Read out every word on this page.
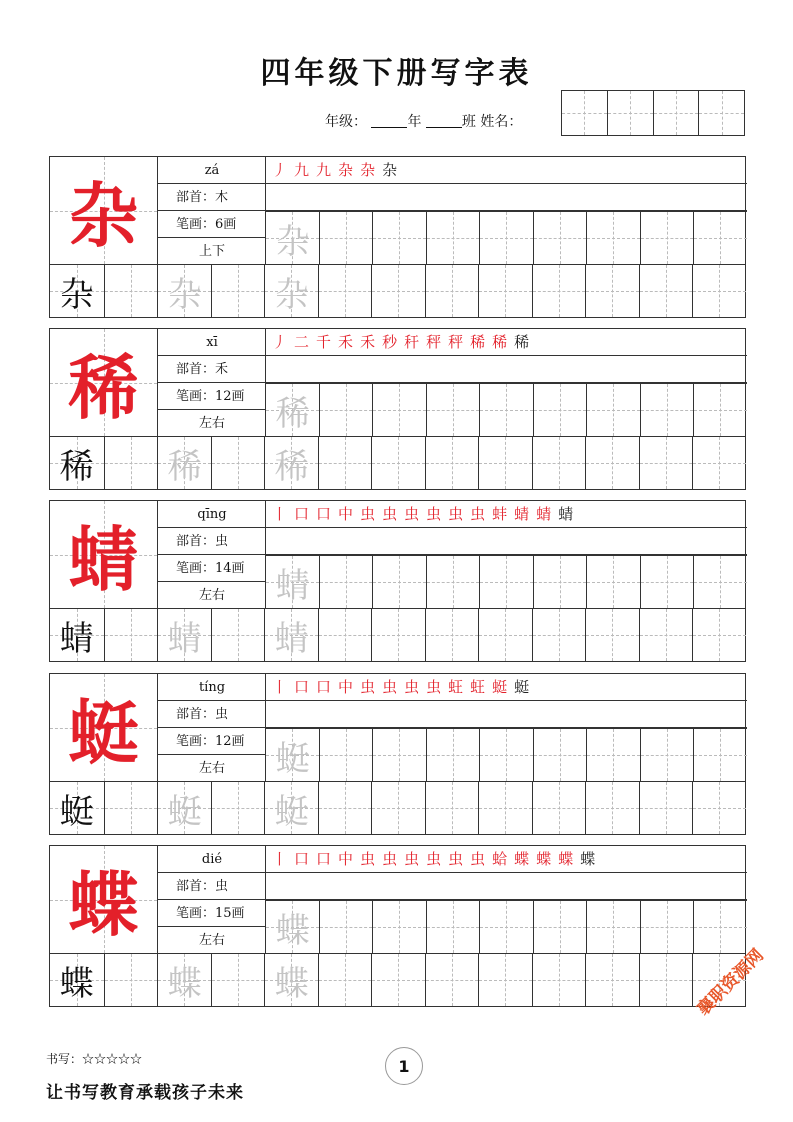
四年级下册写字表
年级：	年	班 姓名：
杂
zá
部首：木
笔画：6画
上下
丿 九 九 杂 杂 杂
杂
杂 杂 杂
稀
xī
部首：禾
笔画：12画
左右
丿 二 千 禾 禾 秒 秆 秤 秤 稀 稀 稀
稀
稀 稀 稀
蜻
qīng
部首：虫
笔画：14画
左右
丨 口 口 中 虫 虫 虫 虫 虫 虫 蚌 蜻 蜻 蜻
蜻
蜻 蜻 蜻
蜓
tíng
部首：虫
笔画：12画
左右
丨 口 口 中 虫 虫 虫 虫 蚟 蚟 蜓 蜓
蜓
蜓 蜓 蜓
蝶
dié
部首：虫
笔画：15画
左右
丨 口 口 中 虫 虫 虫 虫 虫 虫 蛤 蝶 蝶 蝶 蝶
蝶
蝶 蝶 蝶
书写：☆☆☆☆☆
让书写教育承载孩子未来
1
襄职资源网
